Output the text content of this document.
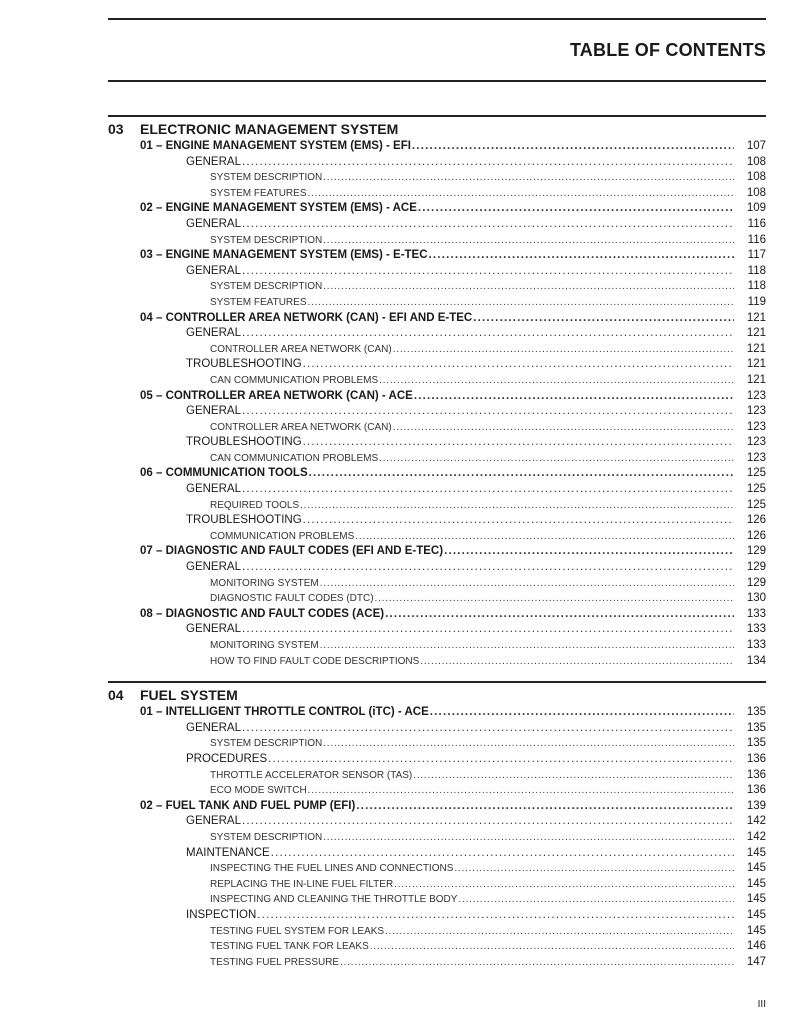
TABLE OF CONTENTS
03	ELECTRONIC MANAGEMENT SYSTEM
01 – ENGINE MANAGEMENT SYSTEM (EMS) - EFI . . .	107
GENERAL . . .	108
SYSTEM DESCRIPTION . . .	108
SYSTEM FEATURES . . .	108
02 – ENGINE MANAGEMENT SYSTEM (EMS) - ACE . . .	109
GENERAL . . .	116
SYSTEM DESCRIPTION . . .	116
03 – ENGINE MANAGEMENT SYSTEM (EMS) - E-TEC . . .	117
GENERAL . . .	118
SYSTEM DESCRIPTION . . .	118
SYSTEM FEATURES . . .	119
04 – CONTROLLER AREA NETWORK (CAN) - EFI AND E-TEC . . .	121
GENERAL . . .	121
CONTROLLER AREA NETWORK (CAN) . . .	121
TROUBLESHOOTING . . .	121
CAN COMMUNICATION PROBLEMS . . .	121
05 – CONTROLLER AREA NETWORK (CAN) - ACE . . .	123
GENERAL . . .	123
CONTROLLER AREA NETWORK (CAN) . . .	123
TROUBLESHOOTING . . .	123
CAN COMMUNICATION PROBLEMS . . .	123
06 – COMMUNICATION TOOLS . . .	125
GENERAL . . .	125
REQUIRED TOOLS . . .	125
TROUBLESHOOTING . . .	126
COMMUNICATION PROBLEMS . . .	126
07 – DIAGNOSTIC AND FAULT CODES (EFI AND E-TEC) . . .	129
GENERAL . . .	129
MONITORING SYSTEM . . .	129
DIAGNOSTIC FAULT CODES (DTC) . . .	130
08 – DIAGNOSTIC AND FAULT CODES (ACE) . . .	133
GENERAL . . .	133
MONITORING SYSTEM . . .	133
HOW TO FIND FAULT CODE DESCRIPTIONS . . .	134
04	FUEL SYSTEM
01 – INTELLIGENT THROTTLE CONTROL (iTC) - ACE . . .	135
GENERAL . . .	135
SYSTEM DESCRIPTION . . .	135
PROCEDURES . . .	136
THROTTLE ACCELERATOR SENSOR (TAS) . . .	136
ECO MODE SWITCH . . .	136
02 – FUEL TANK AND FUEL PUMP (EFI) . . .	139
GENERAL . . .	142
SYSTEM DESCRIPTION . . .	142
MAINTENANCE . . .	145
INSPECTING THE FUEL LINES AND CONNECTIONS . . .	145
REPLACING THE IN-LINE FUEL FILTER . . .	145
INSPECTING AND CLEANING THE THROTTLE BODY . . .	145
INSPECTION . . .	145
TESTING FUEL SYSTEM FOR LEAKS . . .	145
TESTING FUEL TANK FOR LEAKS . . .	146
TESTING FUEL PRESSURE . . .	147
III
